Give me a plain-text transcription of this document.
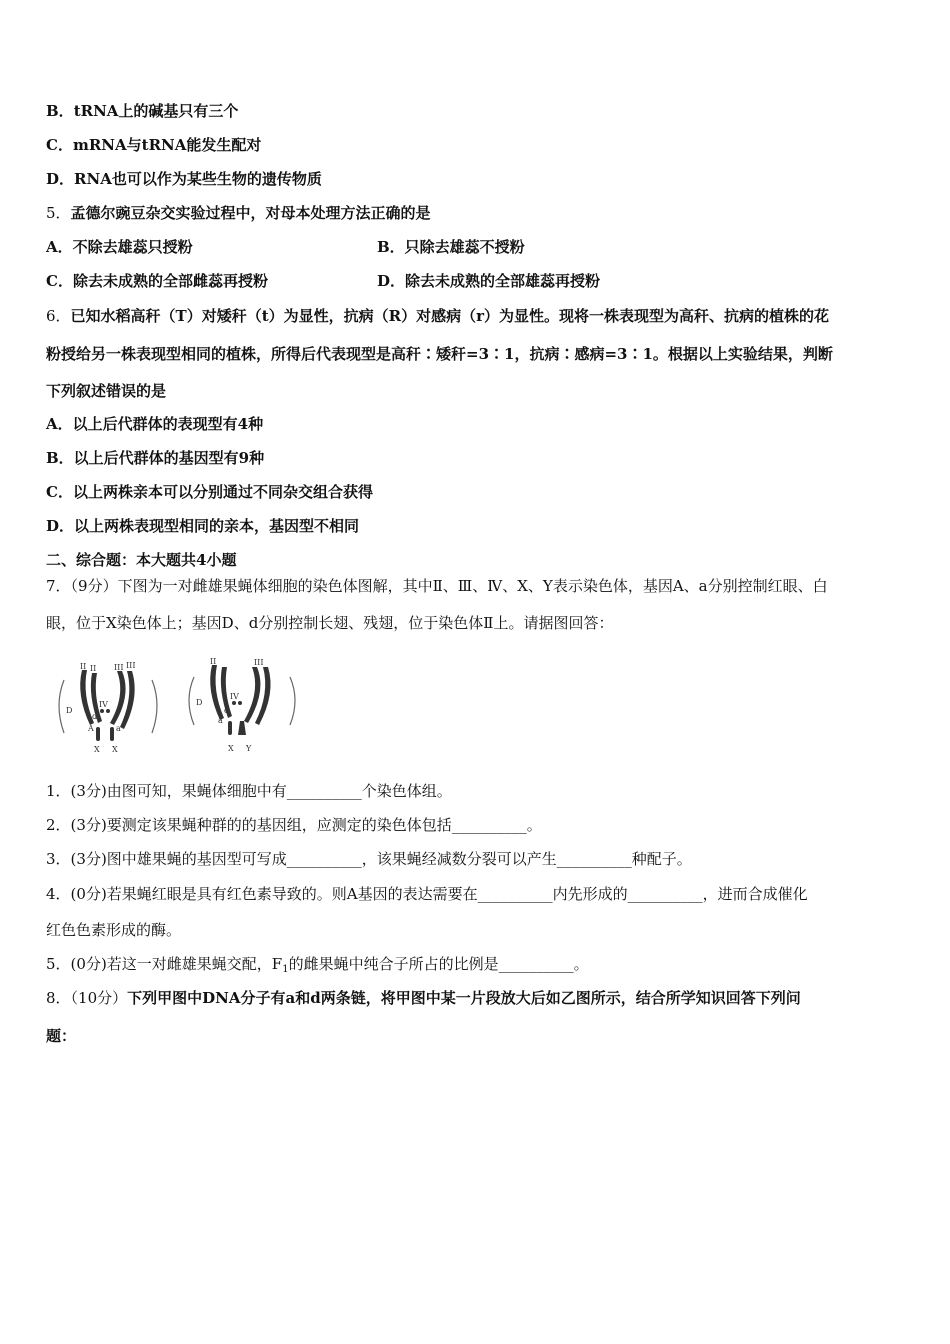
B．tRNA上的碱基只有三个
C．mRNA与tRNA能发生配对
D．RNA也可以作为某些生物的遗传物质
5．孟德尔豌豆杂交实验过程中，对母本处理方法正确的是
A．不除去雄蕊只授粉	B．只除去雄蕊不授粉
C．除去未成熟的全部雌蕊再授粉	D．除去未成熟的全部雄蕊再授粉
6．已知水稻高秆（T）对矮秆（t）为显性，抗病（R）对感病（r）为显性。现将一株表现型为高秆、抗病的植株的花
粉授给另一株表现型相同的植株，所得后代表现型是高秆∶矮秆=3∶1，抗病∶感病=3∶1。根据以上实验结果，判断
下列叙述错误的是
A．以上后代群体的表现型有4种
B．以上后代群体的基因型有9种
C．以上两株亲本可以分别通过不同杂交组合获得
D．以上两株表现型相同的亲本，基因型不相同
二、综合题：本大题共4小题
7．（9分）下图为一对雌雄果蝇体细胞的染色体图解，其中Ⅱ、Ⅲ、Ⅳ、X、Y表示染色体，基因A、a分别控制红眼、白
眼，位于X染色体上；基因D、d分别控制长翅、残翅，位于染色体Ⅱ上。请据图回答：
II II III III
IV
D
d
A	a
X X
II	III
IV
D
d
a
X Y
1．(3分)由图可知，果蝇体细胞中有__________个染色体组。
2．(3分)要测定该果蝇种群的的基因组，应测定的染色体包括__________。
3．(3分)图中雄果蝇的基因型可写成__________，该果蝇经减数分裂可以产生__________种配子。
4．(0分)若果蝇红眼是具有红色素导致的。则A基因的表达需要在__________内先形成的__________，进而合成催化
红色色素形成的酶。
5．(0分)若这一对雌雄果蝇交配，$F_1$的雌果蝇中纯合子所占的比例是__________。
8．（10分）下列甲图中DNA分子有a和d两条链，将甲图中某一片段放大后如乙图所示，结合所学知识回答下列问
题：
